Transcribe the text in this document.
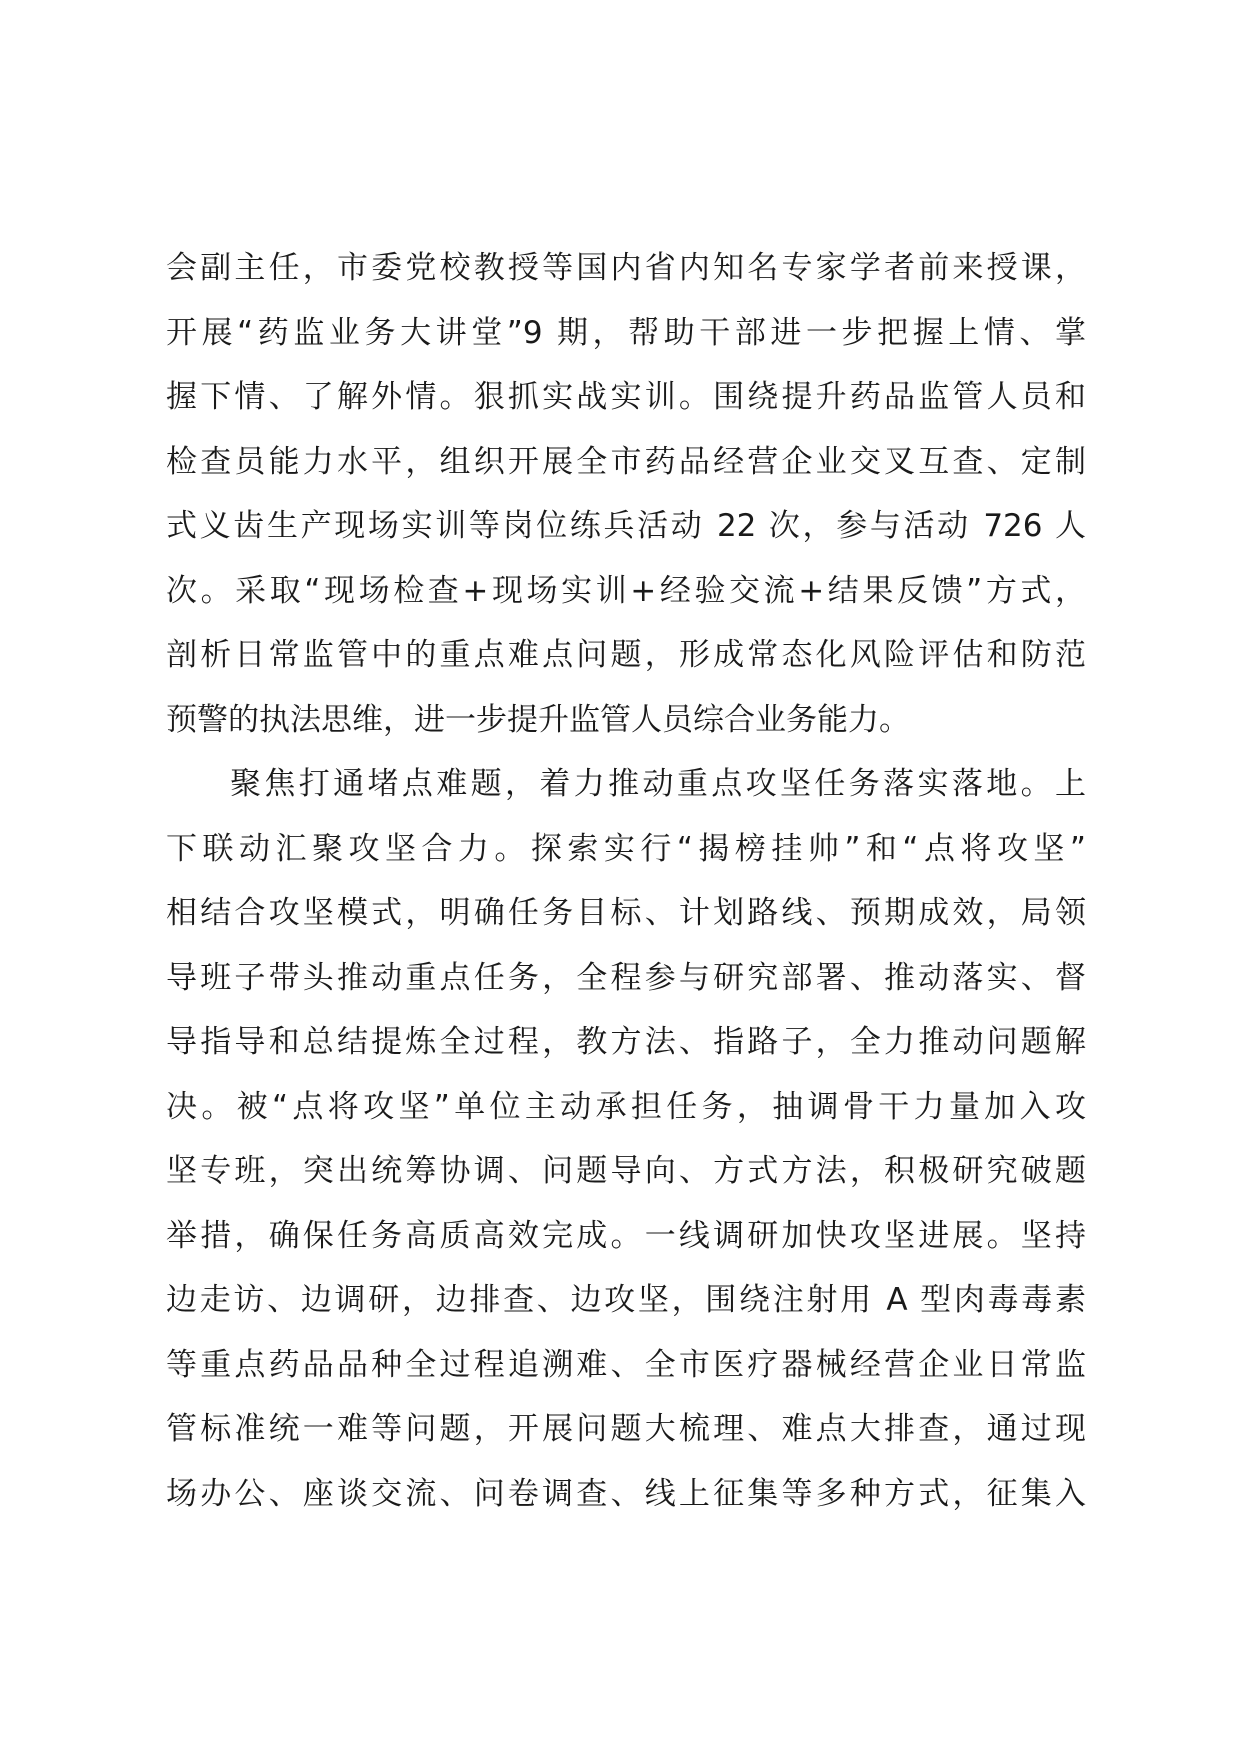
会副主任，市委党校教授等国内省内知名专家学者前来授课，
开展“药监业务大讲堂”9 期，帮助干部进一步把握上情、掌
握下情、了解外情。狠抓实战实训。围绕提升药品监管人员和
检查员能力水平，组织开展全市药品经营企业交叉互查、定制
式义齿生产现场实训等岗位练兵活动 22 次，参与活动 726 人
次。采取“现场检查+现场实训+经验交流+结果反馈”方式，
剖析日常监管中的重点难点问题，形成常态化风险评估和防范
预警的执法思维，进一步提升监管人员综合业务能力。
聚焦打通堵点难题，着力推动重点攻坚任务落实落地。上
下联动汇聚攻坚合力。探索实行“揭榜挂帅”和“点将攻坚”
相结合攻坚模式，明确任务目标、计划路线、预期成效，局领
导班子带头推动重点任务，全程参与研究部署、推动落实、督
导指导和总结提炼全过程，教方法、指路子，全力推动问题解
决。被“点将攻坚”单位主动承担任务，抽调骨干力量加入攻
坚专班，突出统筹协调、问题导向、方式方法，积极研究破题
举措，确保任务高质高效完成。一线调研加快攻坚进展。坚持
边走访、边调研，边排查、边攻坚，围绕注射用 A 型肉毒毒素
等重点药品品种全过程追溯难、全市医疗器械经营企业日常监
管标准统一难等问题，开展问题大梳理、难点大排查，通过现
场办公、座谈交流、问卷调查、线上征集等多种方式，征集入
